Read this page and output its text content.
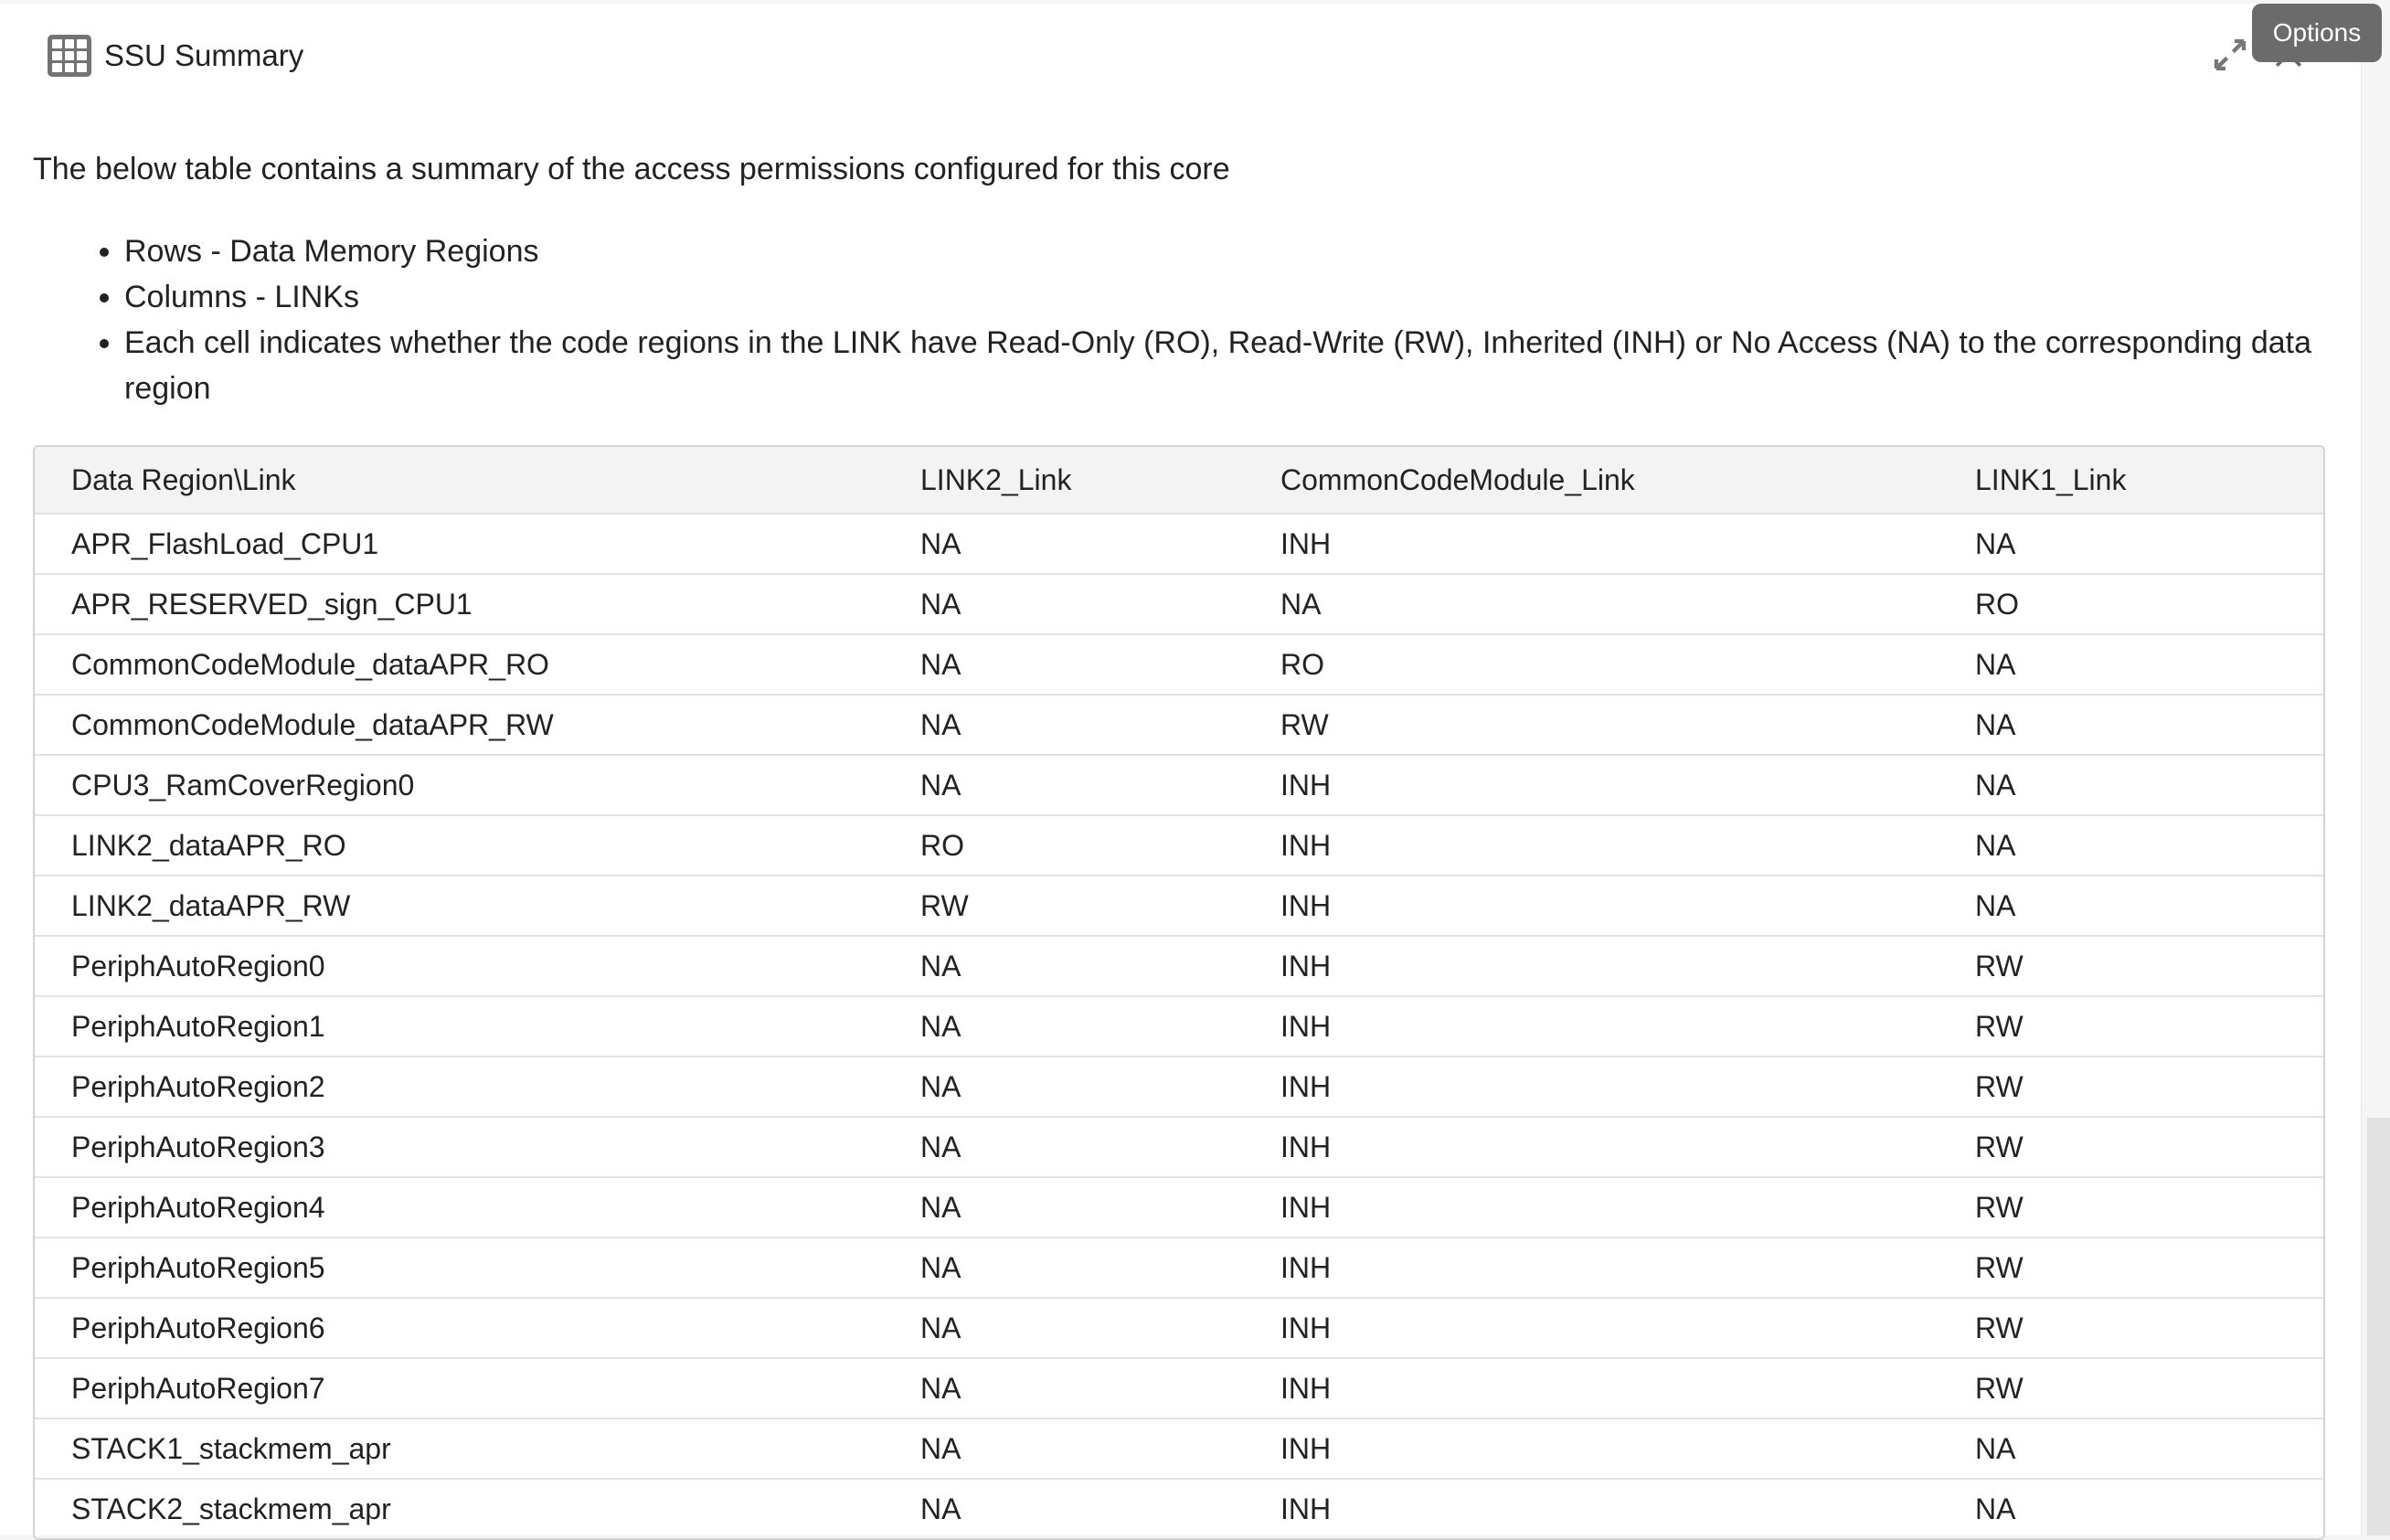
SSU Summary
Options
The below table contains a summary of the access permissions configured for this core
• Rows - Data Memory Regions
• Columns - LINKs
• Each cell indicates whether the code regions in the LINK have Read-Only (RO), Read-Write (RW), Inherited (INH) or No Access (NA) to the corresponding data region
Data Region\Link	LINK2_Link	CommonCodeModule_Link	LINK1_Link
APR_FlashLoad_CPU1	NA	INH	NA
APR_RESERVED_sign_CPU1	NA	NA	RO
CommonCodeModule_dataAPR_RO	NA	RO	NA
CommonCodeModule_dataAPR_RW	NA	RW	NA
CPU3_RamCoverRegion0	NA	INH	NA
LINK2_dataAPR_RO	RO	INH	NA
LINK2_dataAPR_RW	RW	INH	NA
PeriphAutoRegion0	NA	INH	RW
PeriphAutoRegion1	NA	INH	RW
PeriphAutoRegion2	NA	INH	RW
PeriphAutoRegion3	NA	INH	RW
PeriphAutoRegion4	NA	INH	RW
PeriphAutoRegion5	NA	INH	RW
PeriphAutoRegion6	NA	INH	RW
PeriphAutoRegion7	NA	INH	RW
STACK1_stackmem_apr	NA	INH	NA
STACK2_stackmem_apr	NA	INH	NA
